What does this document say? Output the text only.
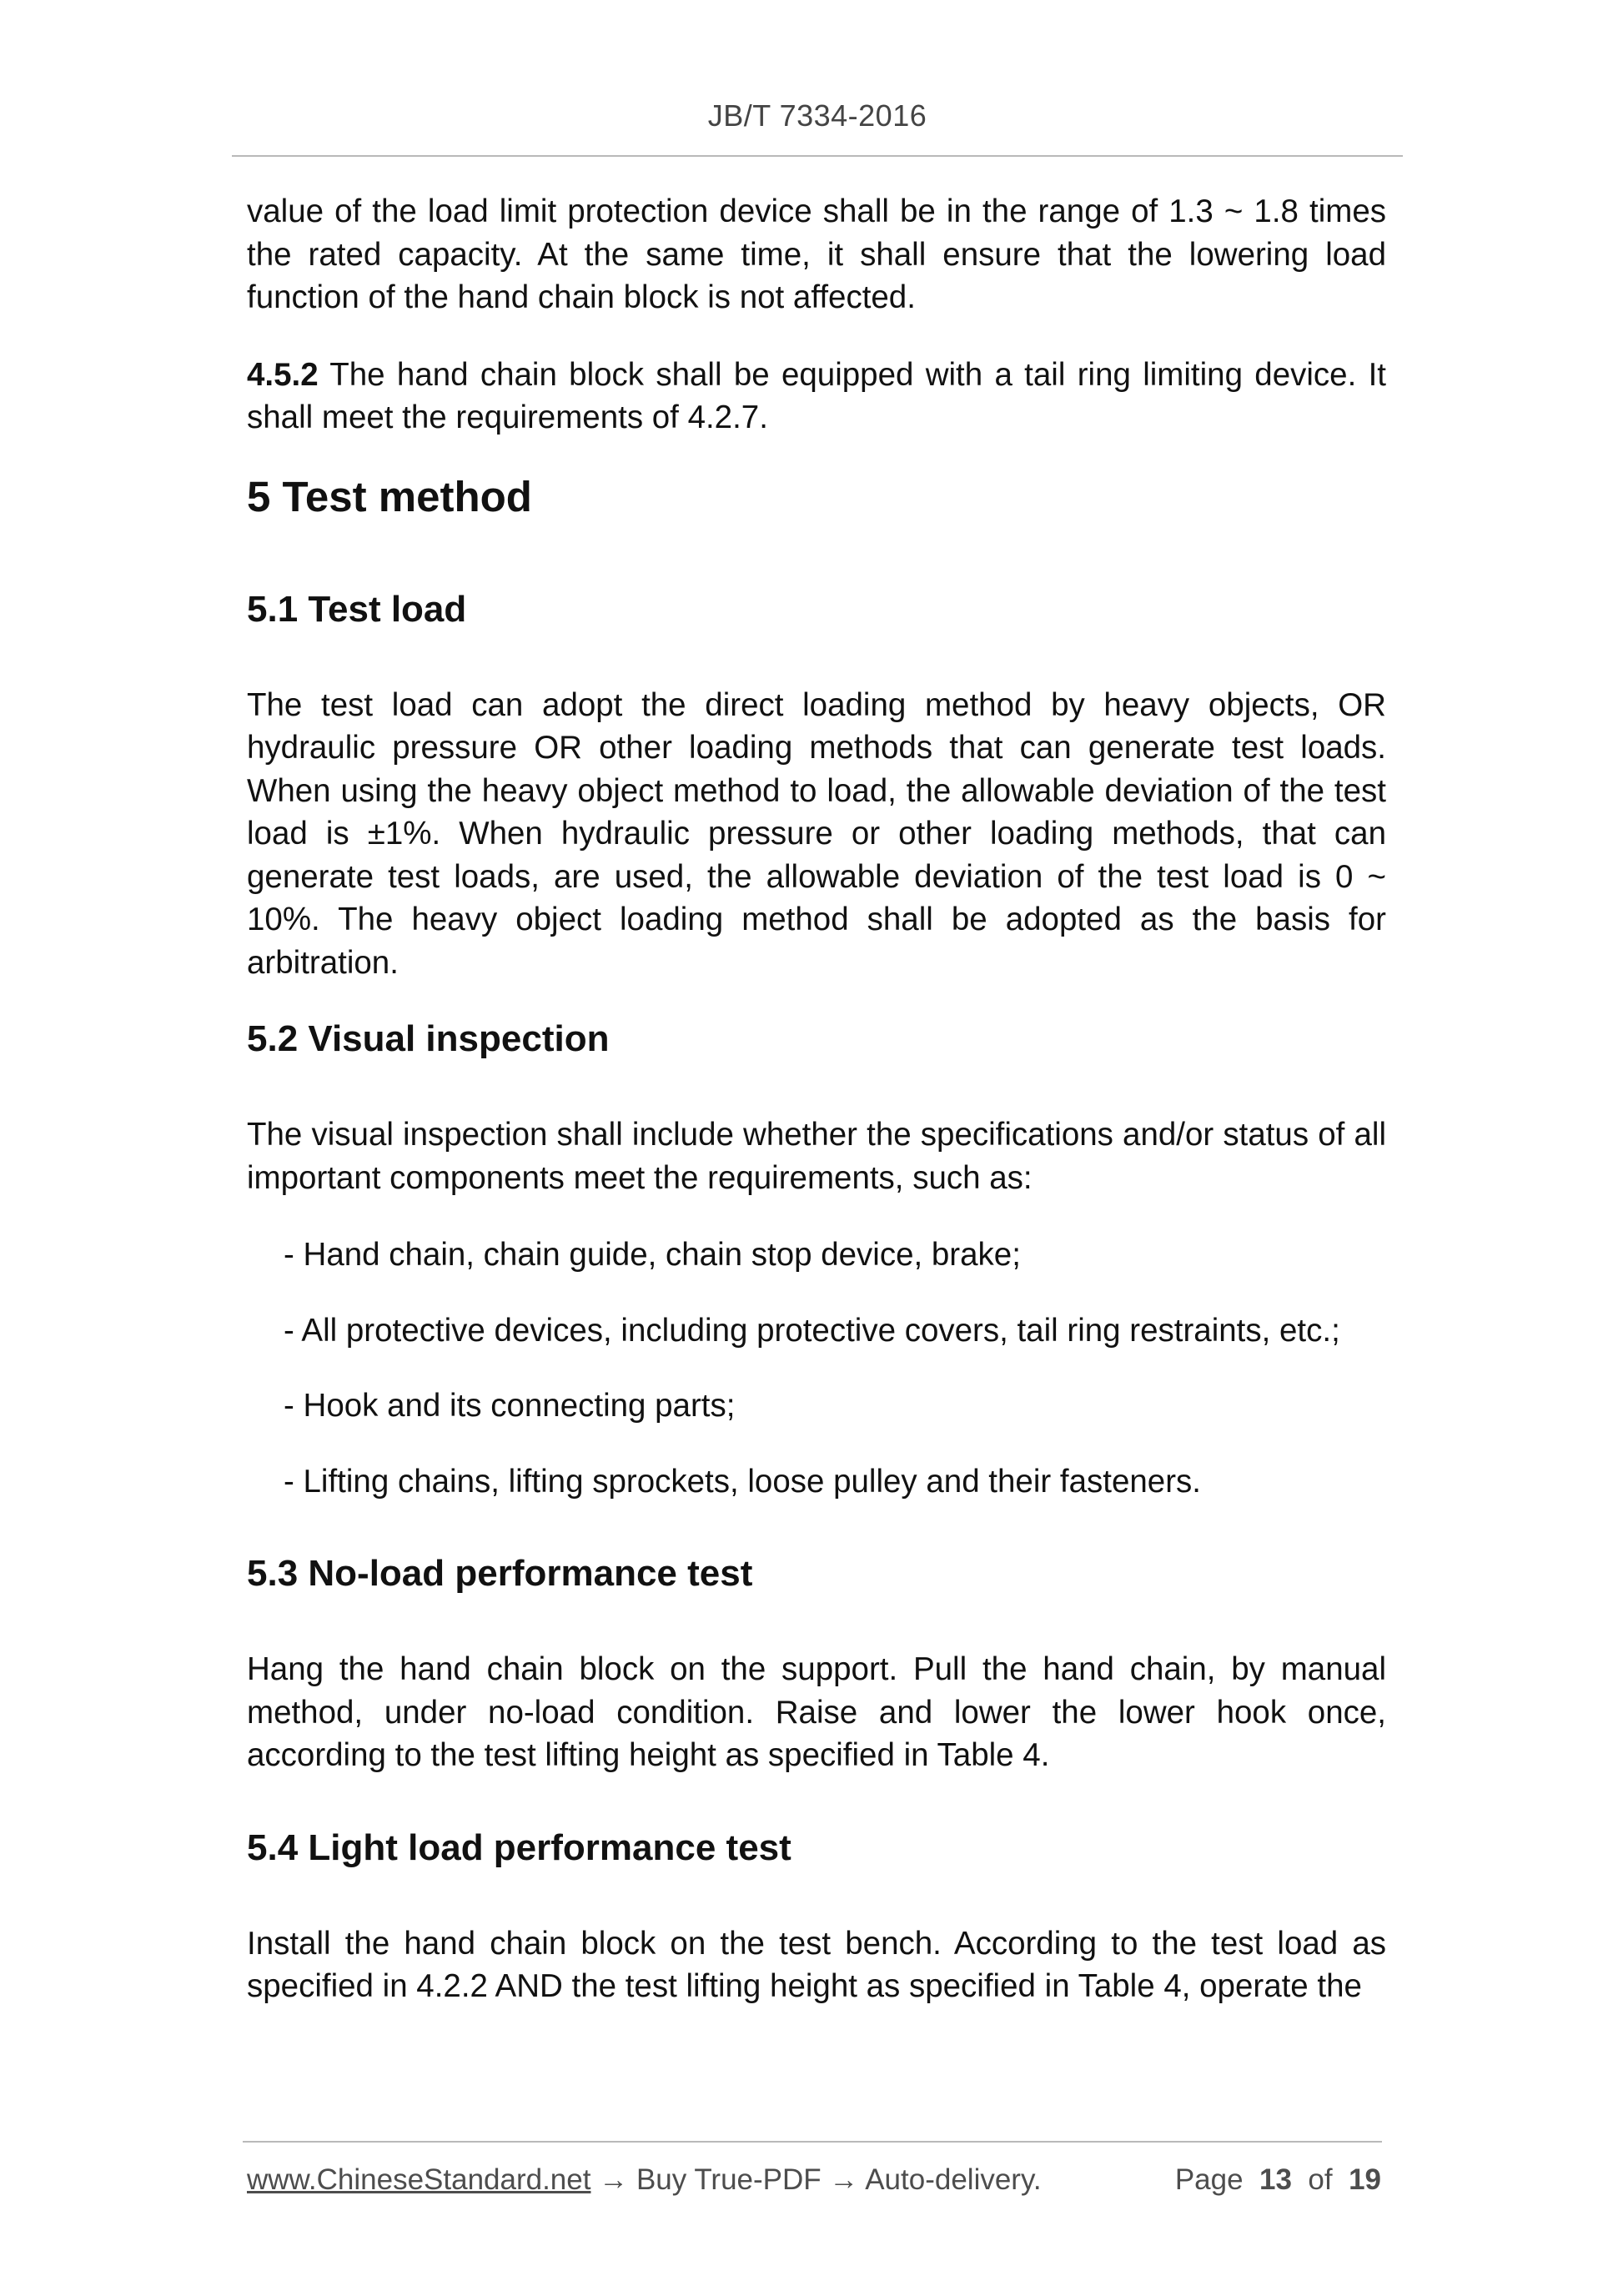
JB/T 7334-2016

value of the load limit protection device shall be in the range of 1.3 ~ 1.8 times the rated capacity. At the same time, it shall ensure that the lowering load function of the hand chain block is not affected.

4.5.2 The hand chain block shall be equipped with a tail ring limiting device. It shall meet the requirements of 4.2.7.

5 Test method
5.1 Test load

The test load can adopt the direct loading method by heavy objects, OR hydraulic pressure OR other loading methods that can generate test loads. When using the heavy object method to load, the allowable deviation of the test load is ±1%. When hydraulic pressure or other loading methods, that can generate test loads, are used, the allowable deviation of the test load is 0 ~ 10%. The heavy object loading method shall be adopted as the basis for arbitration.

5.2 Visual inspection

The visual inspection shall include whether the specifications and/or status of all important components meet the requirements, such as:

- Hand chain, chain guide, chain stop device, brake;

- All protective devices, including protective covers, tail ring restraints, etc.;

- Hook and its connecting parts;

- Lifting chains, lifting sprockets, loose pulley and their fasteners.

5.3 No-load performance test

Hang the hand chain block on the support. Pull the hand chain, by manual method, under no-load condition. Raise and lower the lower hook once, according to the test lifting height as specified in Table 4.

5.4 Light load performance test

Install the hand chain block on the test bench. According to the test load as specified in 4.2.2 AND the test lifting height as specified in Table 4, operate the

www.ChineseStandard.net → Buy True-PDF → Auto-delivery.	Page 13 of 19
